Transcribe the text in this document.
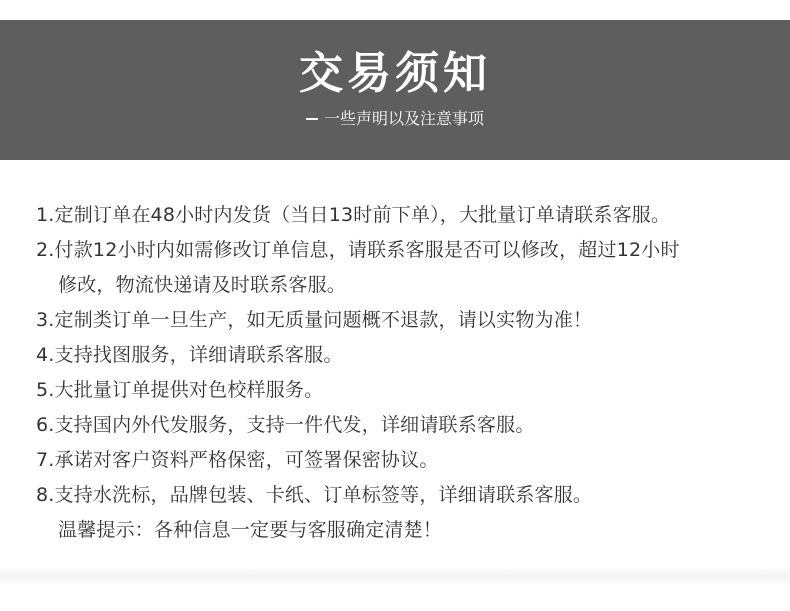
交易须知
一些声明以及注意事项
1.定制订单在48小时内发货（当日13时前下单），大批量订单请联系客服。
2.付款12小时内如需修改订单信息，请联系客服是否可以修改，超过12小时
修改，物流快递请及时联系客服。
3.定制类订单一旦生产，如无质量问题概不退款，请以实物为准！
4.支持找图服务，详细请联系客服。
5.大批量订单提供对色校样服务。
6.支持国内外代发服务，支持一件代发，详细请联系客服。
7.承诺对客户资料严格保密，可签署保密协议。
8.支持水洗标，品牌包装、卡纸、订单标签等，详细请联系客服。
温馨提示：各种信息一定要与客服确定清楚！
